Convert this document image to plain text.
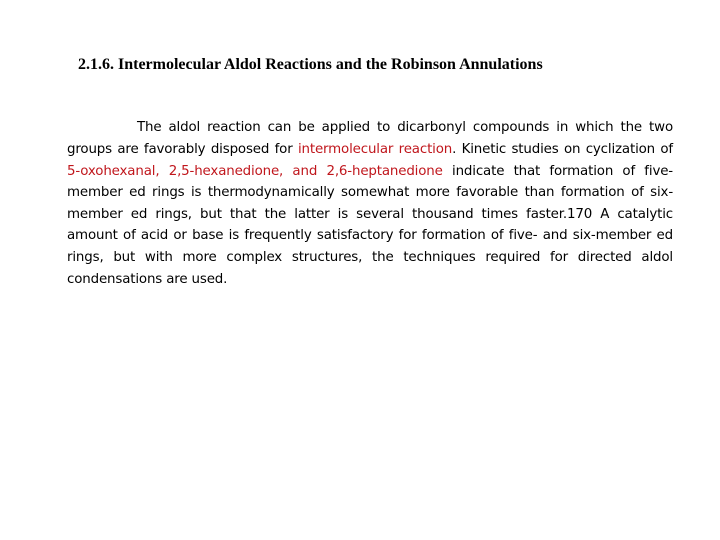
2.1.6. Intermolecular Aldol Reactions and the Robinson Annulations

The aldol reaction can be applied to dicarbonyl compounds in which the two groups are favorably disposed for intermolecular reaction. Kinetic studies on cyclization of 5-oxohexanal, 2,5-hexanedione, and 2,6-heptanedione indicate that formation of five-member ed rings is thermodynamically somewhat more favorable than formation of six-member ed rings, but that the latter is several thousand times faster.170 A catalytic amount of acid or base is frequently satisfactory for formation of five- and six-member ed rings, but with more complex structures, the techniques required for directed aldol condensations are used.
